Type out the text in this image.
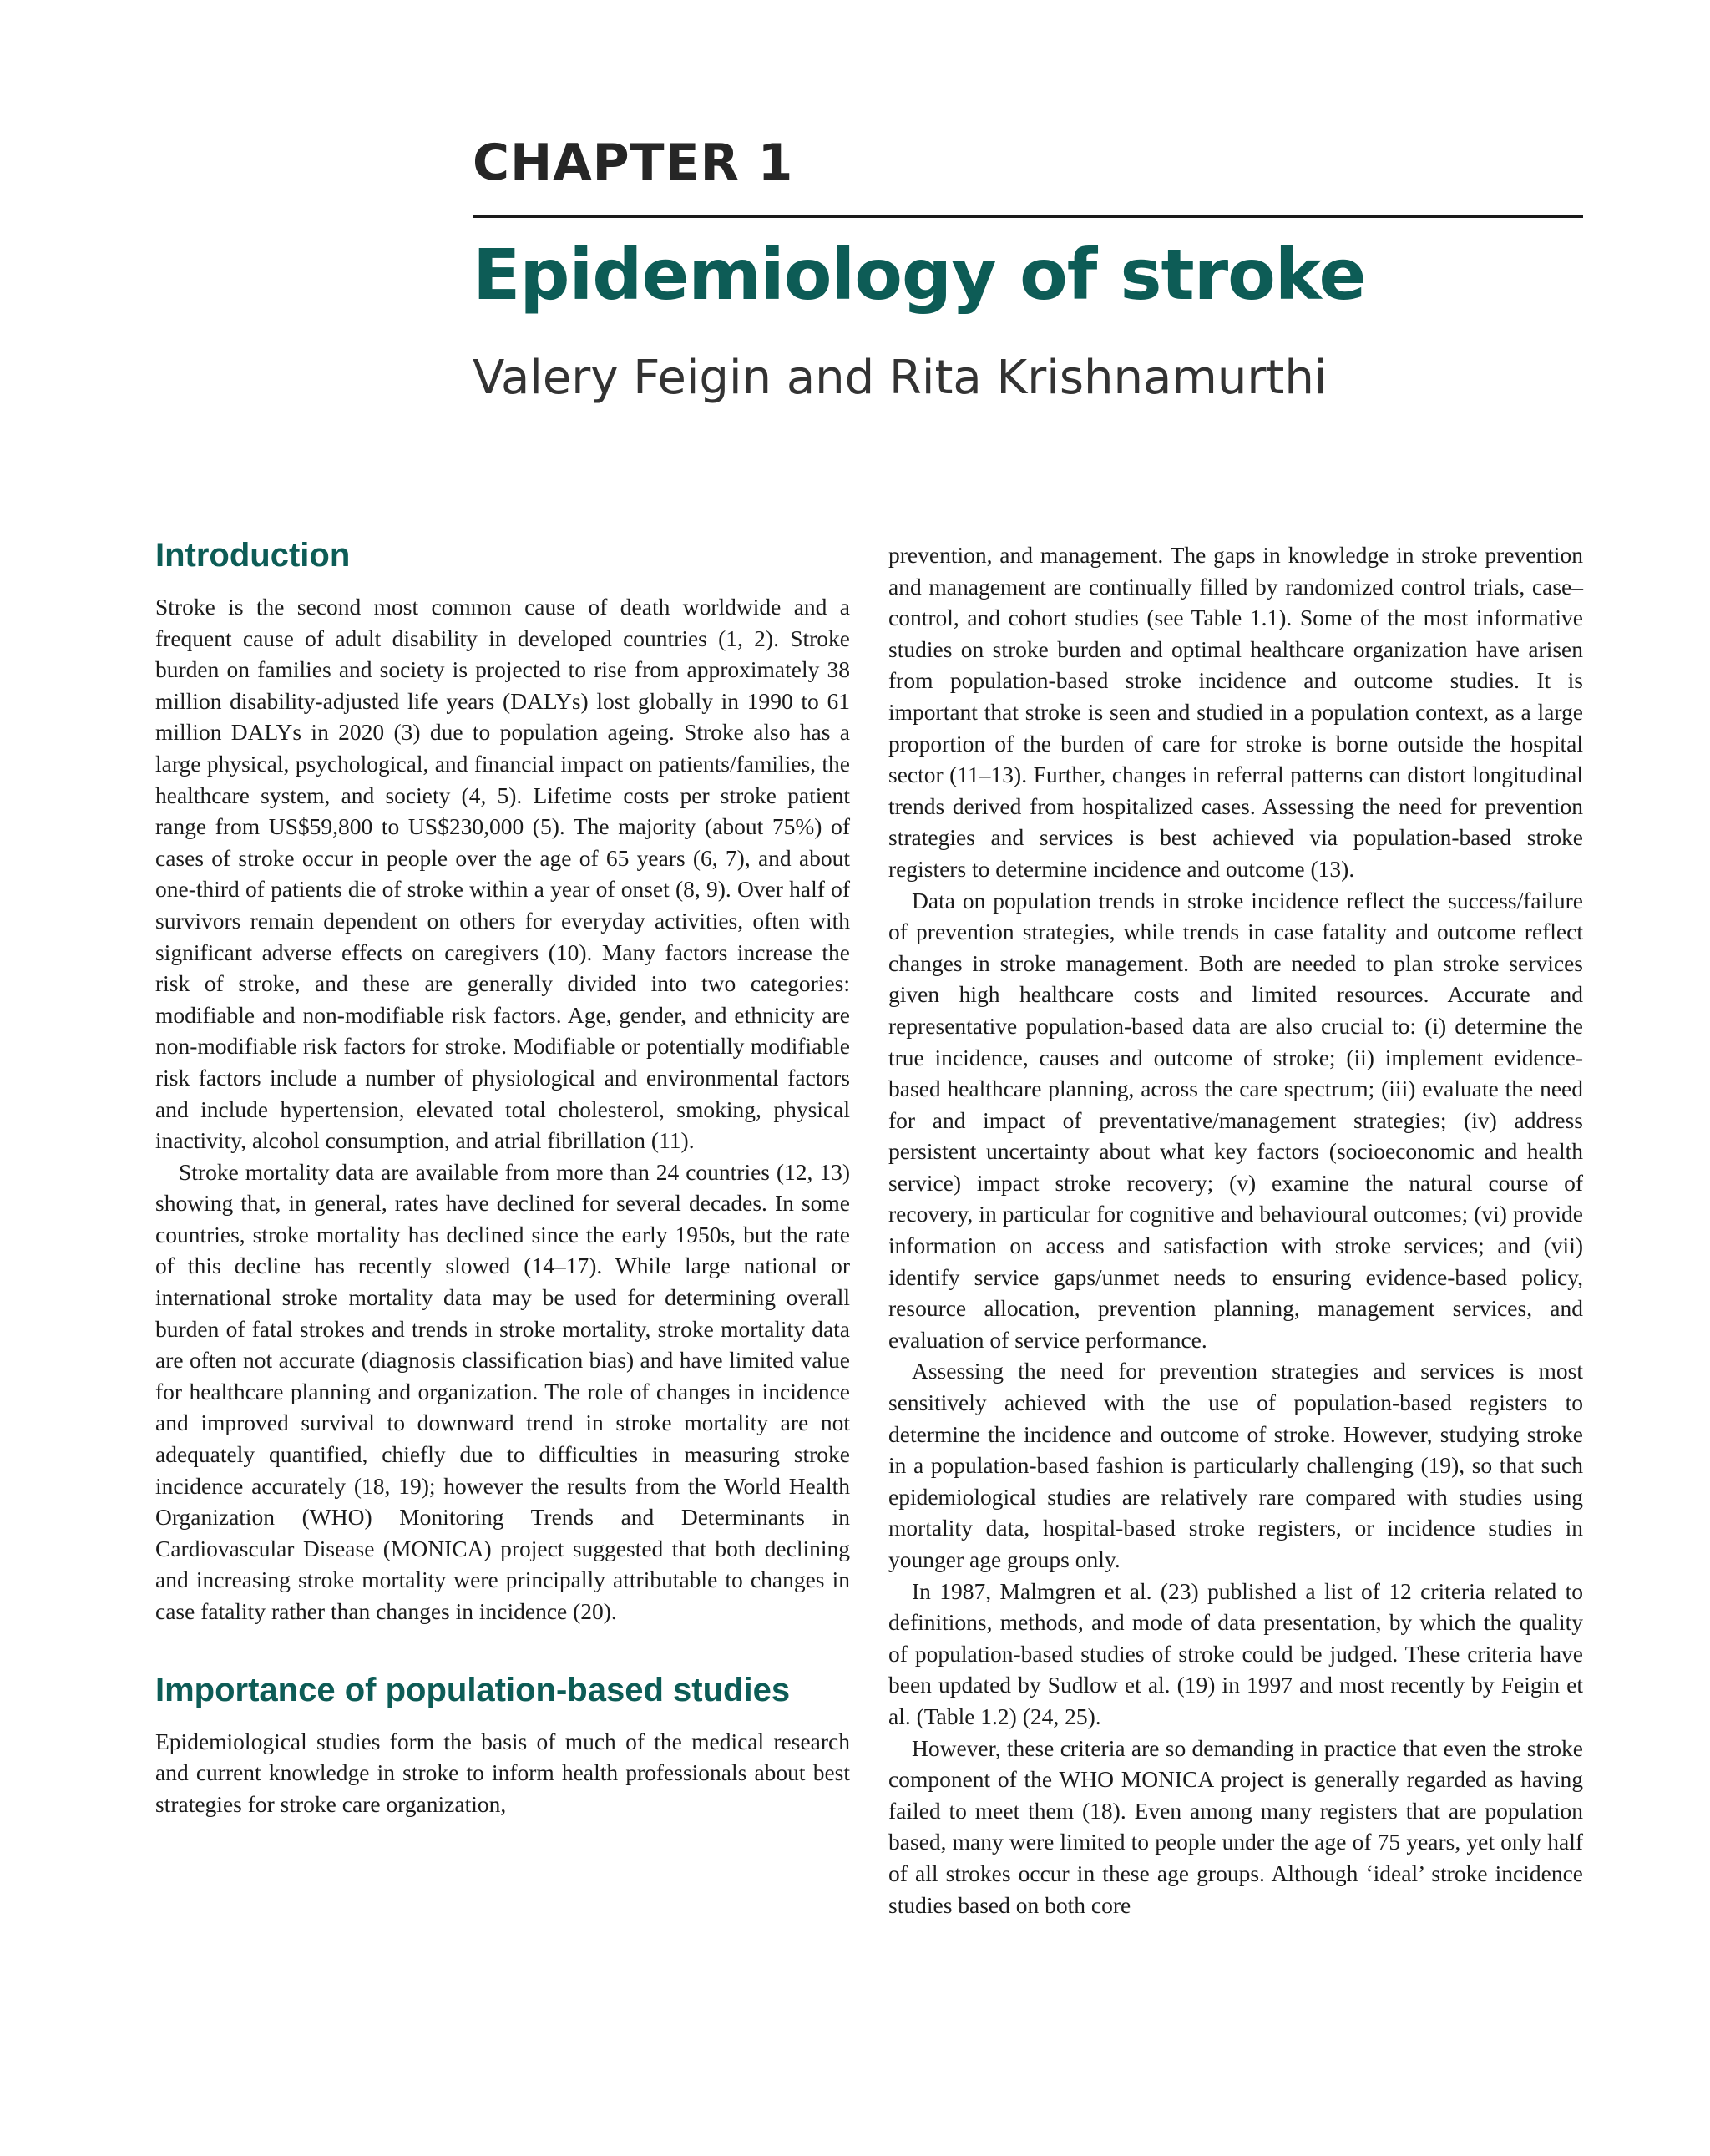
CHAPTER 1
Epidemiology of stroke
Valery Feigin and Rita Krishnamurthi
Introduction

Stroke is the second most common cause of death worldwide and a frequent cause of adult disability in developed countries (1, 2). Stroke burden on families and society is projected to rise from approximately 38 million disability-adjusted life years (DALYs) lost globally in 1990 to 61 million DALYs in 2020 (3) due to population ageing. Stroke also has a large physical, psychological, and financial impact on patients/families, the healthcare system, and society (4, 5). Lifetime costs per stroke patient range from US$59,800 to US$230,000 (5). The majority (about 75%) of cases of stroke occur in people over the age of 65 years (6, 7), and about one-third of patients die of stroke within a year of onset (8, 9). Over half of survivors remain dependent on others for everyday activities, often with significant adverse effects on caregivers (10). Many factors increase the risk of stroke, and these are generally divided into two categories: modifiable and non-modifiable risk factors. Age, gender, and ethnicity are non-modifiable risk factors for stroke. Modifiable or potentially modifiable risk factors include a number of physiological and environmental factors and include hypertension, elevated total cholesterol, smoking, physical inactivity, alcohol consumption, and atrial fibrillation (11).

Stroke mortality data are available from more than 24 countries (12, 13) showing that, in general, rates have declined for several decades. In some countries, stroke mortality has declined since the early 1950s, but the rate of this decline has recently slowed (14–17). While large national or international stroke mortality data may be used for determining overall burden of fatal strokes and trends in stroke mortality, stroke mortality data are often not accurate (diagnosis classification bias) and have limited value for healthcare planning and organization. The role of changes in incidence and improved survival to downward trend in stroke mortality are not adequately quantified, chiefly due to difficulties in measuring stroke incidence accurately (18, 19); however the results from the World Health Organization (WHO) Monitoring Trends and Determinants in Cardiovascular Disease (MONICA) project suggested that both declining and increasing stroke mortality were principally attributable to changes in case fatality rather than changes in incidence (20).

Importance of population-based studies

Epidemiological studies form the basis of much of the medical research and current knowledge in stroke to inform health professionals about best strategies for stroke care organization,

prevention, and management. The gaps in knowledge in stroke prevention and management are continually filled by randomized control trials, case–control, and cohort studies (see Table 1.1). Some of the most informative studies on stroke burden and optimal healthcare organization have arisen from population-based stroke incidence and outcome studies. It is important that stroke is seen and studied in a population context, as a large proportion of the burden of care for stroke is borne outside the hospital sector (11–13). Further, changes in referral patterns can distort longitudinal trends derived from hospitalized cases. Assessing the need for prevention strategies and services is best achieved via population-based stroke registers to determine incidence and outcome (13).

Data on population trends in stroke incidence reflect the success/failure of prevention strategies, while trends in case fatality and outcome reflect changes in stroke management. Both are needed to plan stroke services given high healthcare costs and limited resources. Accurate and representative population-based data are also crucial to: (i) determine the true incidence, causes and outcome of stroke; (ii) implement evidence-based healthcare planning, across the care spectrum; (iii) evaluate the need for and impact of preventative/management strategies; (iv) address persistent uncertainty about what key factors (socioeconomic and health service) impact stroke recovery; (v) examine the natural course of recovery, in particular for cognitive and behavioural outcomes; (vi) provide information on access and satisfaction with stroke services; and (vii) identify service gaps/unmet needs to ensuring evidence-based policy, resource allocation, prevention planning, management services, and evaluation of service performance.

Assessing the need for prevention strategies and services is most sensitively achieved with the use of population-based registers to determine the incidence and outcome of stroke. However, studying stroke in a population-based fashion is particularly challenging (19), so that such epidemiological studies are relatively rare compared with studies using mortality data, hospital-based stroke registers, or incidence studies in younger age groups only.

In 1987, Malmgren et al. (23) published a list of 12 criteria related to definitions, methods, and mode of data presentation, by which the quality of population-based studies of stroke could be judged. These criteria have been updated by Sudlow et al. (19) in 1997 and most recently by Feigin et al. (Table 1.2) (24, 25).

However, these criteria are so demanding in practice that even the stroke component of the WHO MONICA project is generally regarded as having failed to meet them (18). Even among many registers that are population based, many were limited to people under the age of 75 years, yet only half of all strokes occur in these age groups. Although ‘ideal’ stroke incidence studies based on both core
